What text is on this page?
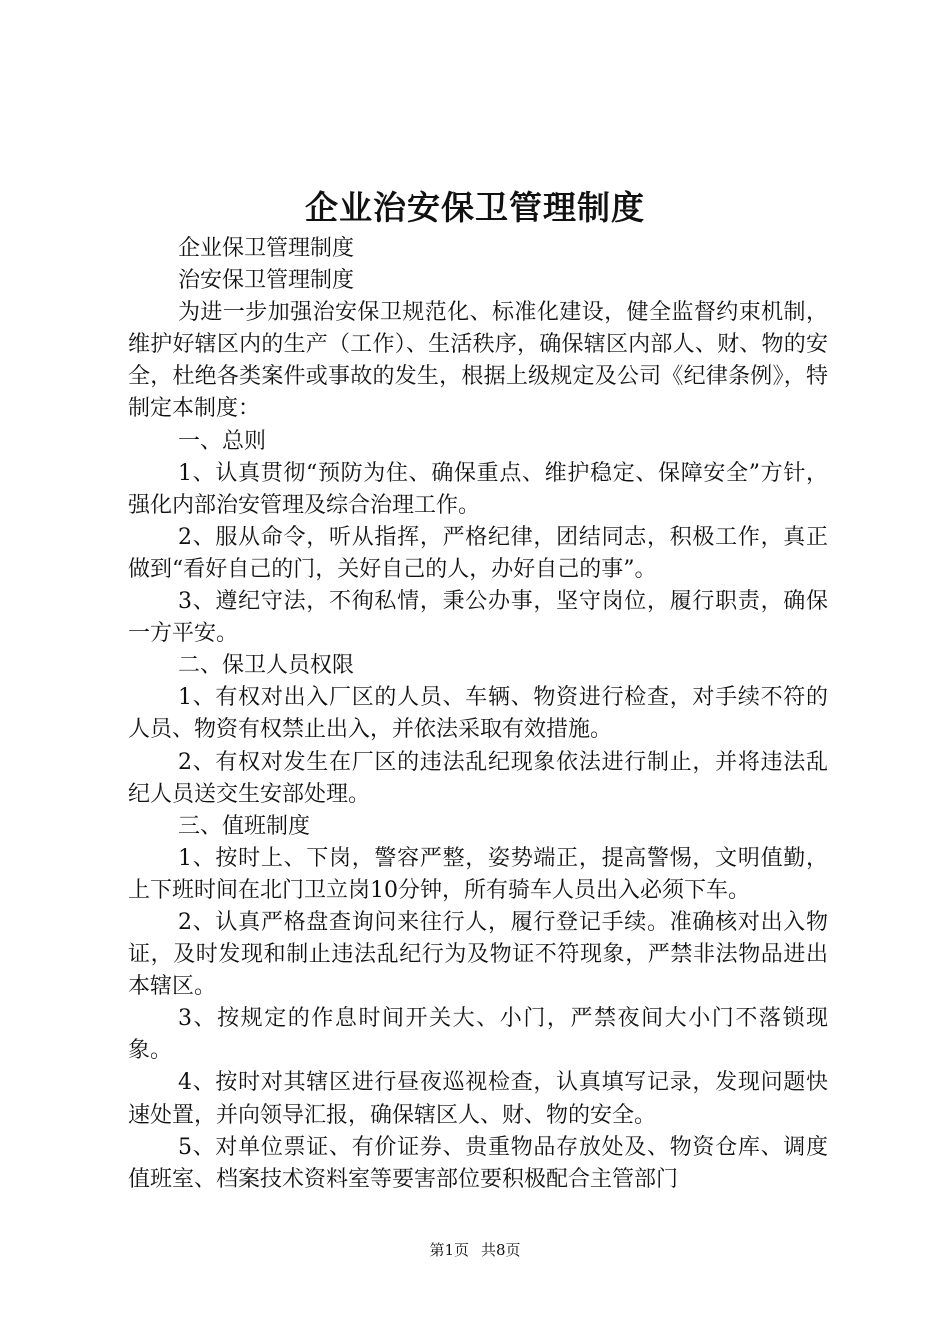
企业治安保卫管理制度

企业保卫管理制度

治安保卫管理制度

为进一步加强治安保卫规范化、标准化建设，健全监督约束机制，维护好辖区内的生产（工作）、生活秩序，确保辖区内部人、财、物的安全，杜绝各类案件或事故的发生，根据上级规定及公司《纪律条例》，特制定本制度：

一、总则

1、认真贯彻“预防为住、确保重点、维护稳定、保障安全”方针，强化内部治安管理及综合治理工作。

2、服从命令，听从指挥，严格纪律，团结同志，积极工作，真正做到“看好自己的门，关好自己的人，办好自己的事”。

3、遵纪守法，不徇私情，秉公办事，坚守岗位，履行职责，确保一方平安。

二、保卫人员权限

1、有权对出入厂区的人员、车辆、物资进行检查，对手续不符的人员、物资有权禁止出入，并依法采取有效措施。

2、有权对发生在厂区的违法乱纪现象依法进行制止，并将违法乱纪人员送交生安部处理。

三、值班制度

1、按时上、下岗，警容严整，姿势端正，提高警惕，文明值勤，上下班时间在北门卫立岗10分钟，所有骑车人员出入必须下车。

2、认真严格盘查询问来往行人，履行登记手续。准确核对出入物证，及时发现和制止违法乱纪行为及物证不符现象，严禁非法物品进出本辖区。

3、按规定的作息时间开关大、小门，严禁夜间大小门不落锁现象。

4、按时对其辖区进行昼夜巡视检查，认真填写记录，发现问题快速处置，并向领导汇报，确保辖区人、财、物的安全。

5、对单位票证、有价证券、贵重物品存放处及、物资仓库、调度值班室、档案技术资料室等要害部位要积极配合主管部门

第1页 共8页
